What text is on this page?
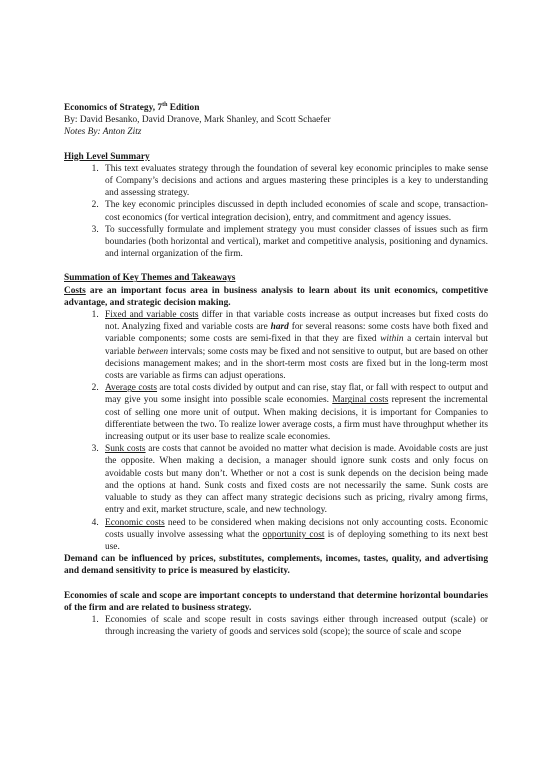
Economics of Strategy, 7th Edition

By: David Besanko, David Dranove, Mark Shanley, and Scott Schaefer

Notes By: Anton Zitz

High Level Summary

1. This text evaluates strategy through the foundation of several key economic principles to make sense of Company’s decisions and actions and argues mastering these principles is a key to understanding and assessing strategy.
2. The key economic principles discussed in depth included economies of scale and scope, transaction-cost economics (for vertical integration decision), entry, and commitment and agency issues.
3. To successfully formulate and implement strategy you must consider classes of issues such as firm boundaries (both horizontal and vertical), market and competitive analysis, positioning and dynamics. and internal organization of the firm.

Summation of Key Themes and Takeaways

Costs are an important focus area in business analysis to learn about its unit economics, competitive advantage, and strategic decision making.

1. Fixed and variable costs differ in that variable costs increase as output increases but fixed costs do not. Analyzing fixed and variable costs are hard for several reasons: some costs have both fixed and variable components; some costs are semi-fixed in that they are fixed within a certain interval but variable between intervals; some costs may be fixed and not sensitive to output, but are based on other decisions management makes; and in the short-term most costs are fixed but in the long-term most costs are variable as firms can adjust operations.
2. Average costs are total costs divided by output and can rise, stay flat, or fall with respect to output and may give you some insight into possible scale economies. Marginal costs represent the incremental cost of selling one more unit of output. When making decisions, it is important for Companies to differentiate between the two. To realize lower average costs, a firm must have throughput whether its increasing output or its user base to realize scale economies.
3. Sunk costs are costs that cannot be avoided no matter what decision is made. Avoidable costs are just the opposite. When making a decision, a manager should ignore sunk costs and only focus on avoidable costs but many don’t. Whether or not a cost is sunk depends on the decision being made and the options at hand. Sunk costs and fixed costs are not necessarily the same. Sunk costs are valuable to study as they can affect many strategic decisions such as pricing, rivalry among firms, entry and exit, market structure, scale, and new technology.
4. Economic costs need to be considered when making decisions not only accounting costs. Economic costs usually involve assessing what the opportunity cost is of deploying something to its next best use.

Demand can be influenced by prices, substitutes, complements, incomes, tastes, quality, and advertising and demand sensitivity to price is measured by elasticity.

Economies of scale and scope are important concepts to understand that determine horizontal boundaries of the firm and are related to business strategy.

1. Economies of scale and scope result in costs savings either through increased output (scale) or through increasing the variety of goods and services sold (scope); the source of scale and scope
